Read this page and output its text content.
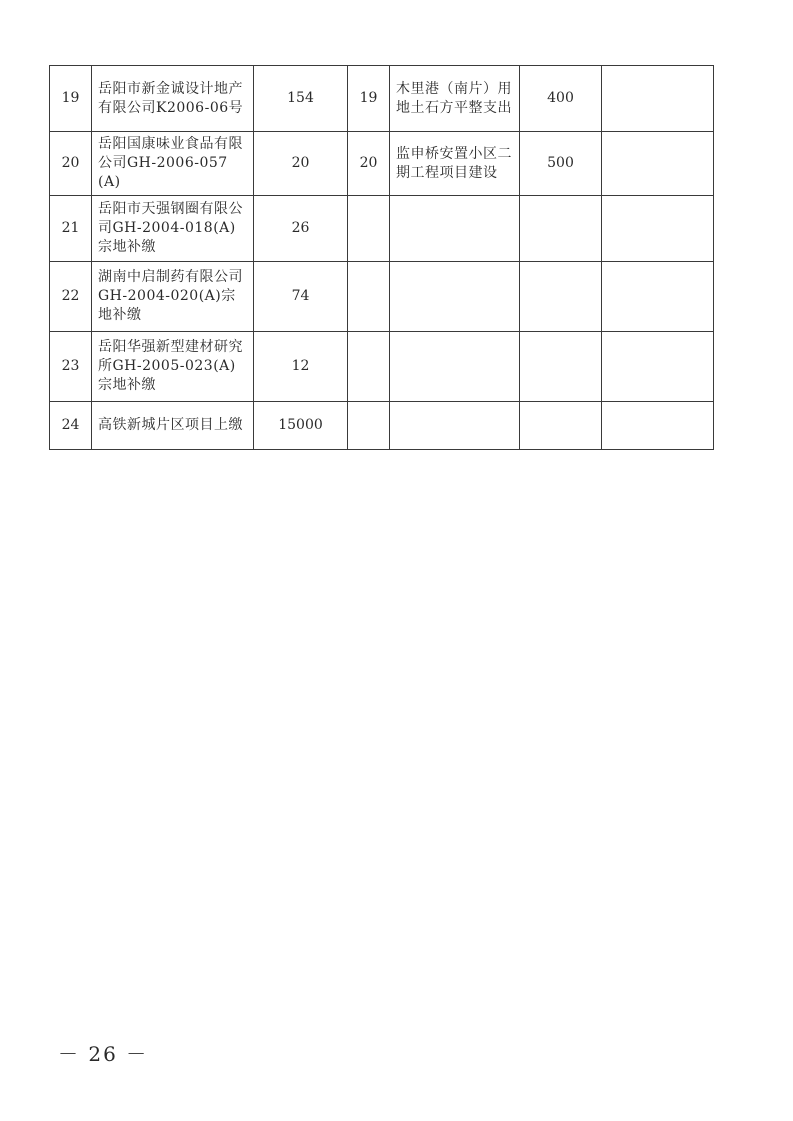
19	岳阳市新金诚设计地产有限公司K2006-06号	154	19	木里港（南片）用地土石方平整支出	400	
20	岳阳国康味业食品有限公司GH-2006-057(A)	20	20	监申桥安置小区二期工程项目建设	500	
21	岳阳市天强钢圈有限公司GH-2004-018(A)宗地补缴	26				
22	湖南中启制药有限公司GH-2004-020(A)宗地补缴	74				
23	岳阳华强新型建材研究所GH-2005-023(A)宗地补缴	12				
24	高铁新城片区项目上缴	15000				
－ 26 －
